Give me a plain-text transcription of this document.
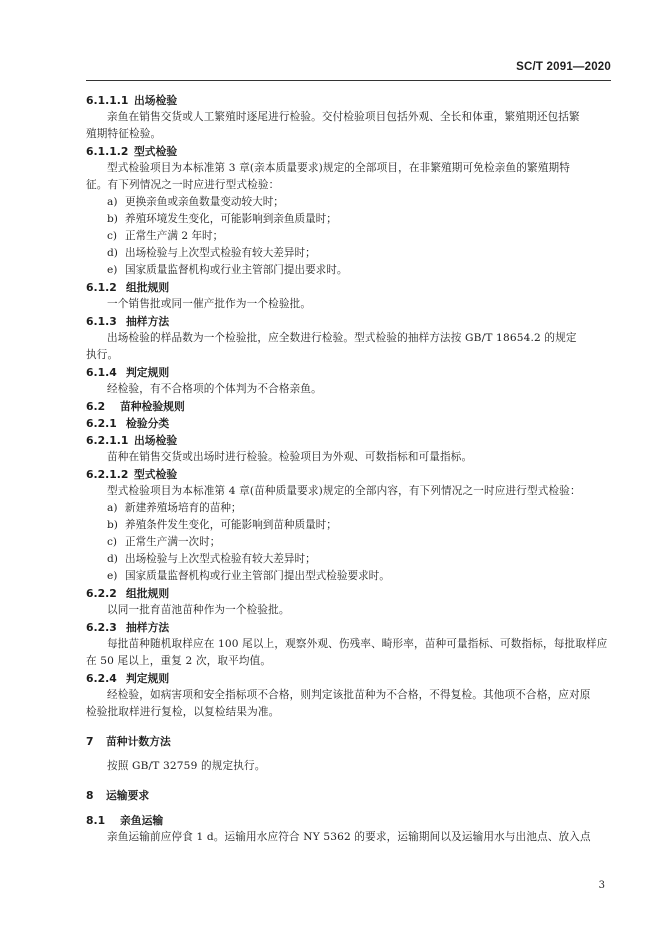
SC/T 2091—2020
6.1.1.1 出场检验
亲鱼在销售交货或人工繁殖时逐尾进行检验。交付检验项目包括外观、全长和体重，繁殖期还包括繁
殖期特征检验。
6.1.1.2 型式检验
型式检验项目为本标准第 3 章(亲本质量要求)规定的全部项目，在非繁殖期可免检亲鱼的繁殖期特
征。有下列情况之一时应进行型式检验：
a) 更换亲鱼或亲鱼数量变动较大时；
b) 养殖环境发生变化，可能影响到亲鱼质量时；
c) 正常生产满 2 年时；
d) 出场检验与上次型式检验有较大差异时；
e) 国家质量监督机构或行业主管部门提出要求时。
6.1.2 组批规则
一个销售批或同一催产批作为一个检验批。
6.1.3 抽样方法
出场检验的样品数为一个检验批，应全数进行检验。型式检验的抽样方法按 GB/T 18654.2 的规定
执行。
6.1.4 判定规则
经检验，有不合格项的个体判为不合格亲鱼。
6.2 苗种检验规则
6.2.1 检验分类
6.2.1.1 出场检验
苗种在销售交货或出场时进行检验。检验项目为外观、可数指标和可量指标。
6.2.1.2 型式检验
型式检验项目为本标准第 4 章(苗种质量要求)规定的全部内容，有下列情况之一时应进行型式检验：
a) 新建养殖场培育的苗种；
b) 养殖条件发生变化，可能影响到苗种质量时；
c) 正常生产满一次时；
d) 出场检验与上次型式检验有较大差异时；
e) 国家质量监督机构或行业主管部门提出型式检验要求时。
6.2.2 组批规则
以同一批育苗池苗种作为一个检验批。
6.2.3 抽样方法
每批苗种随机取样应在 100 尾以上，观察外观、伤残率、畸形率，苗种可量指标、可数指标，每批取样应
在 50 尾以上，重复 2 次，取平均值。
6.2.4 判定规则
经检验，如病害项和安全指标项不合格，则判定该批苗种为不合格，不得复检。其他项不合格，应对原
检验批取样进行复检，以复检结果为准。
7 苗种计数方法
按照 GB/T 32759 的规定执行。
8 运输要求
8.1 亲鱼运输
亲鱼运输前应停食 1 d。运输用水应符合 NY 5362 的要求，运输期间以及运输用水与出池点、放入点
3
